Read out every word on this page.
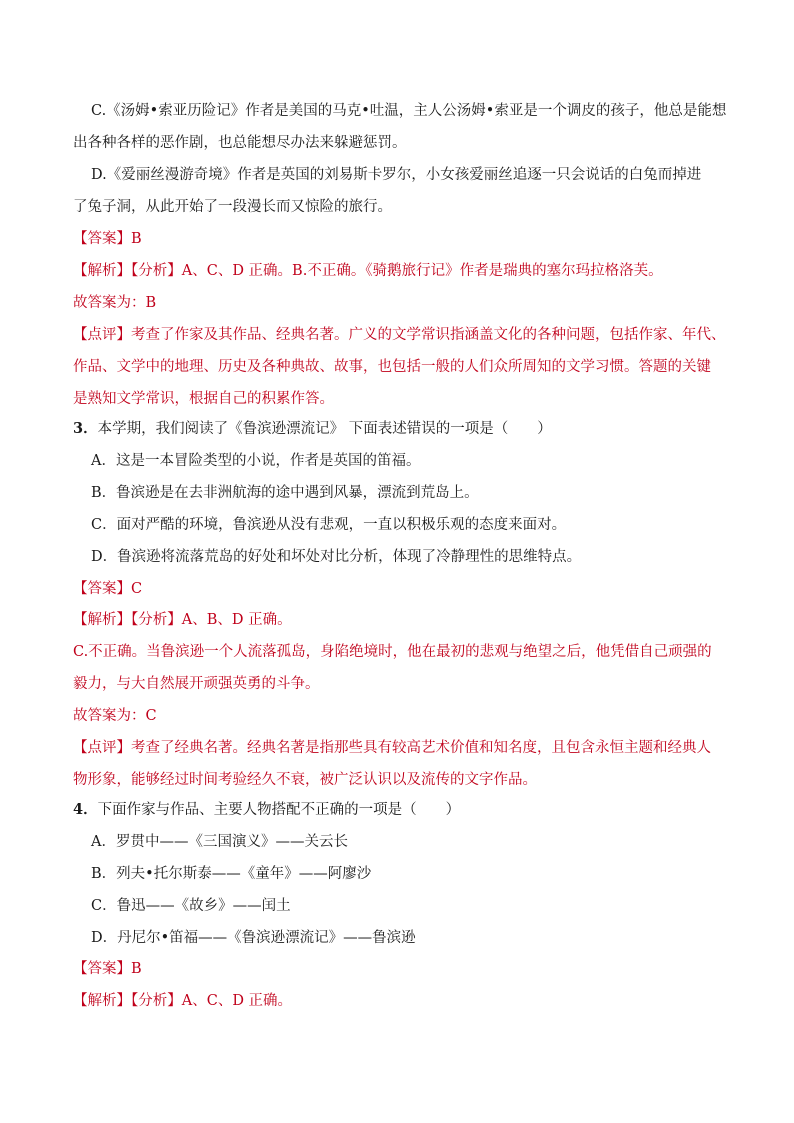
C.《汤姆•索亚历险记》作者是美国的马克•吐温，主人公汤姆•索亚是一个调皮的孩子，他总是能想
出各种各样的恶作剧，也总能想尽办法来躲避惩罚。
D.《爱丽丝漫游奇境》作者是英国的刘易斯卡罗尔，小女孩爱丽丝追逐一只会说话的白兔而掉进
了兔子洞，从此开始了一段漫长而又惊险的旅行。
【答案】B
【解析】【分析】A、C、D 正确。B.不正确。《骑鹅旅行记》作者是瑞典的塞尔玛拉格洛芙。
故答案为：B
【点评】考查了作家及其作品、经典名著。广义的文学常识指涵盖文化的各种问题，包括作家、年代、
作品、文学中的地理、历史及各种典故、故事，也包括一般的人们众所周知的文学习惯。答题的关键
是熟知文学常识，根据自己的积累作答。
3．本学期，我们阅读了《鲁滨逊漂流记》 下面表述错误的一项是（　　）
A．这是一本冒险类型的小说，作者是英国的笛福。
B．鲁滨逊是在去非洲航海的途中遇到风暴，漂流到荒岛上。
C．面对严酷的环境，鲁滨逊从没有悲观，一直以积极乐观的态度来面对。
D．鲁滨逊将流落荒岛的好处和坏处对比分析，体现了冷静理性的思维特点。
【答案】C
【解析】【分析】A、B、D 正确。
C.不正确。当鲁滨逊一个人流落孤岛，身陷绝境时，他在最初的悲观与绝望之后，他凭借自己顽强的
毅力，与大自然展开顽强英勇的斗争。
故答案为：C
【点评】考查了经典名著。经典名著是指那些具有较高艺术价值和知名度，且包含永恒主题和经典人
物形象，能够经过时间考验经久不衰，被广泛认识以及流传的文字作品。
4．下面作家与作品、主要人物搭配不正确的一项是（　　）
A．罗贯中——《三国演义》——关云长
B．列夫•托尔斯泰——《童年》——阿廖沙
C．鲁迅——《故乡》——闰土
D．丹尼尔•笛福——《鲁滨逊漂流记》——鲁滨逊
【答案】B
【解析】【分析】A、C、D 正确。
